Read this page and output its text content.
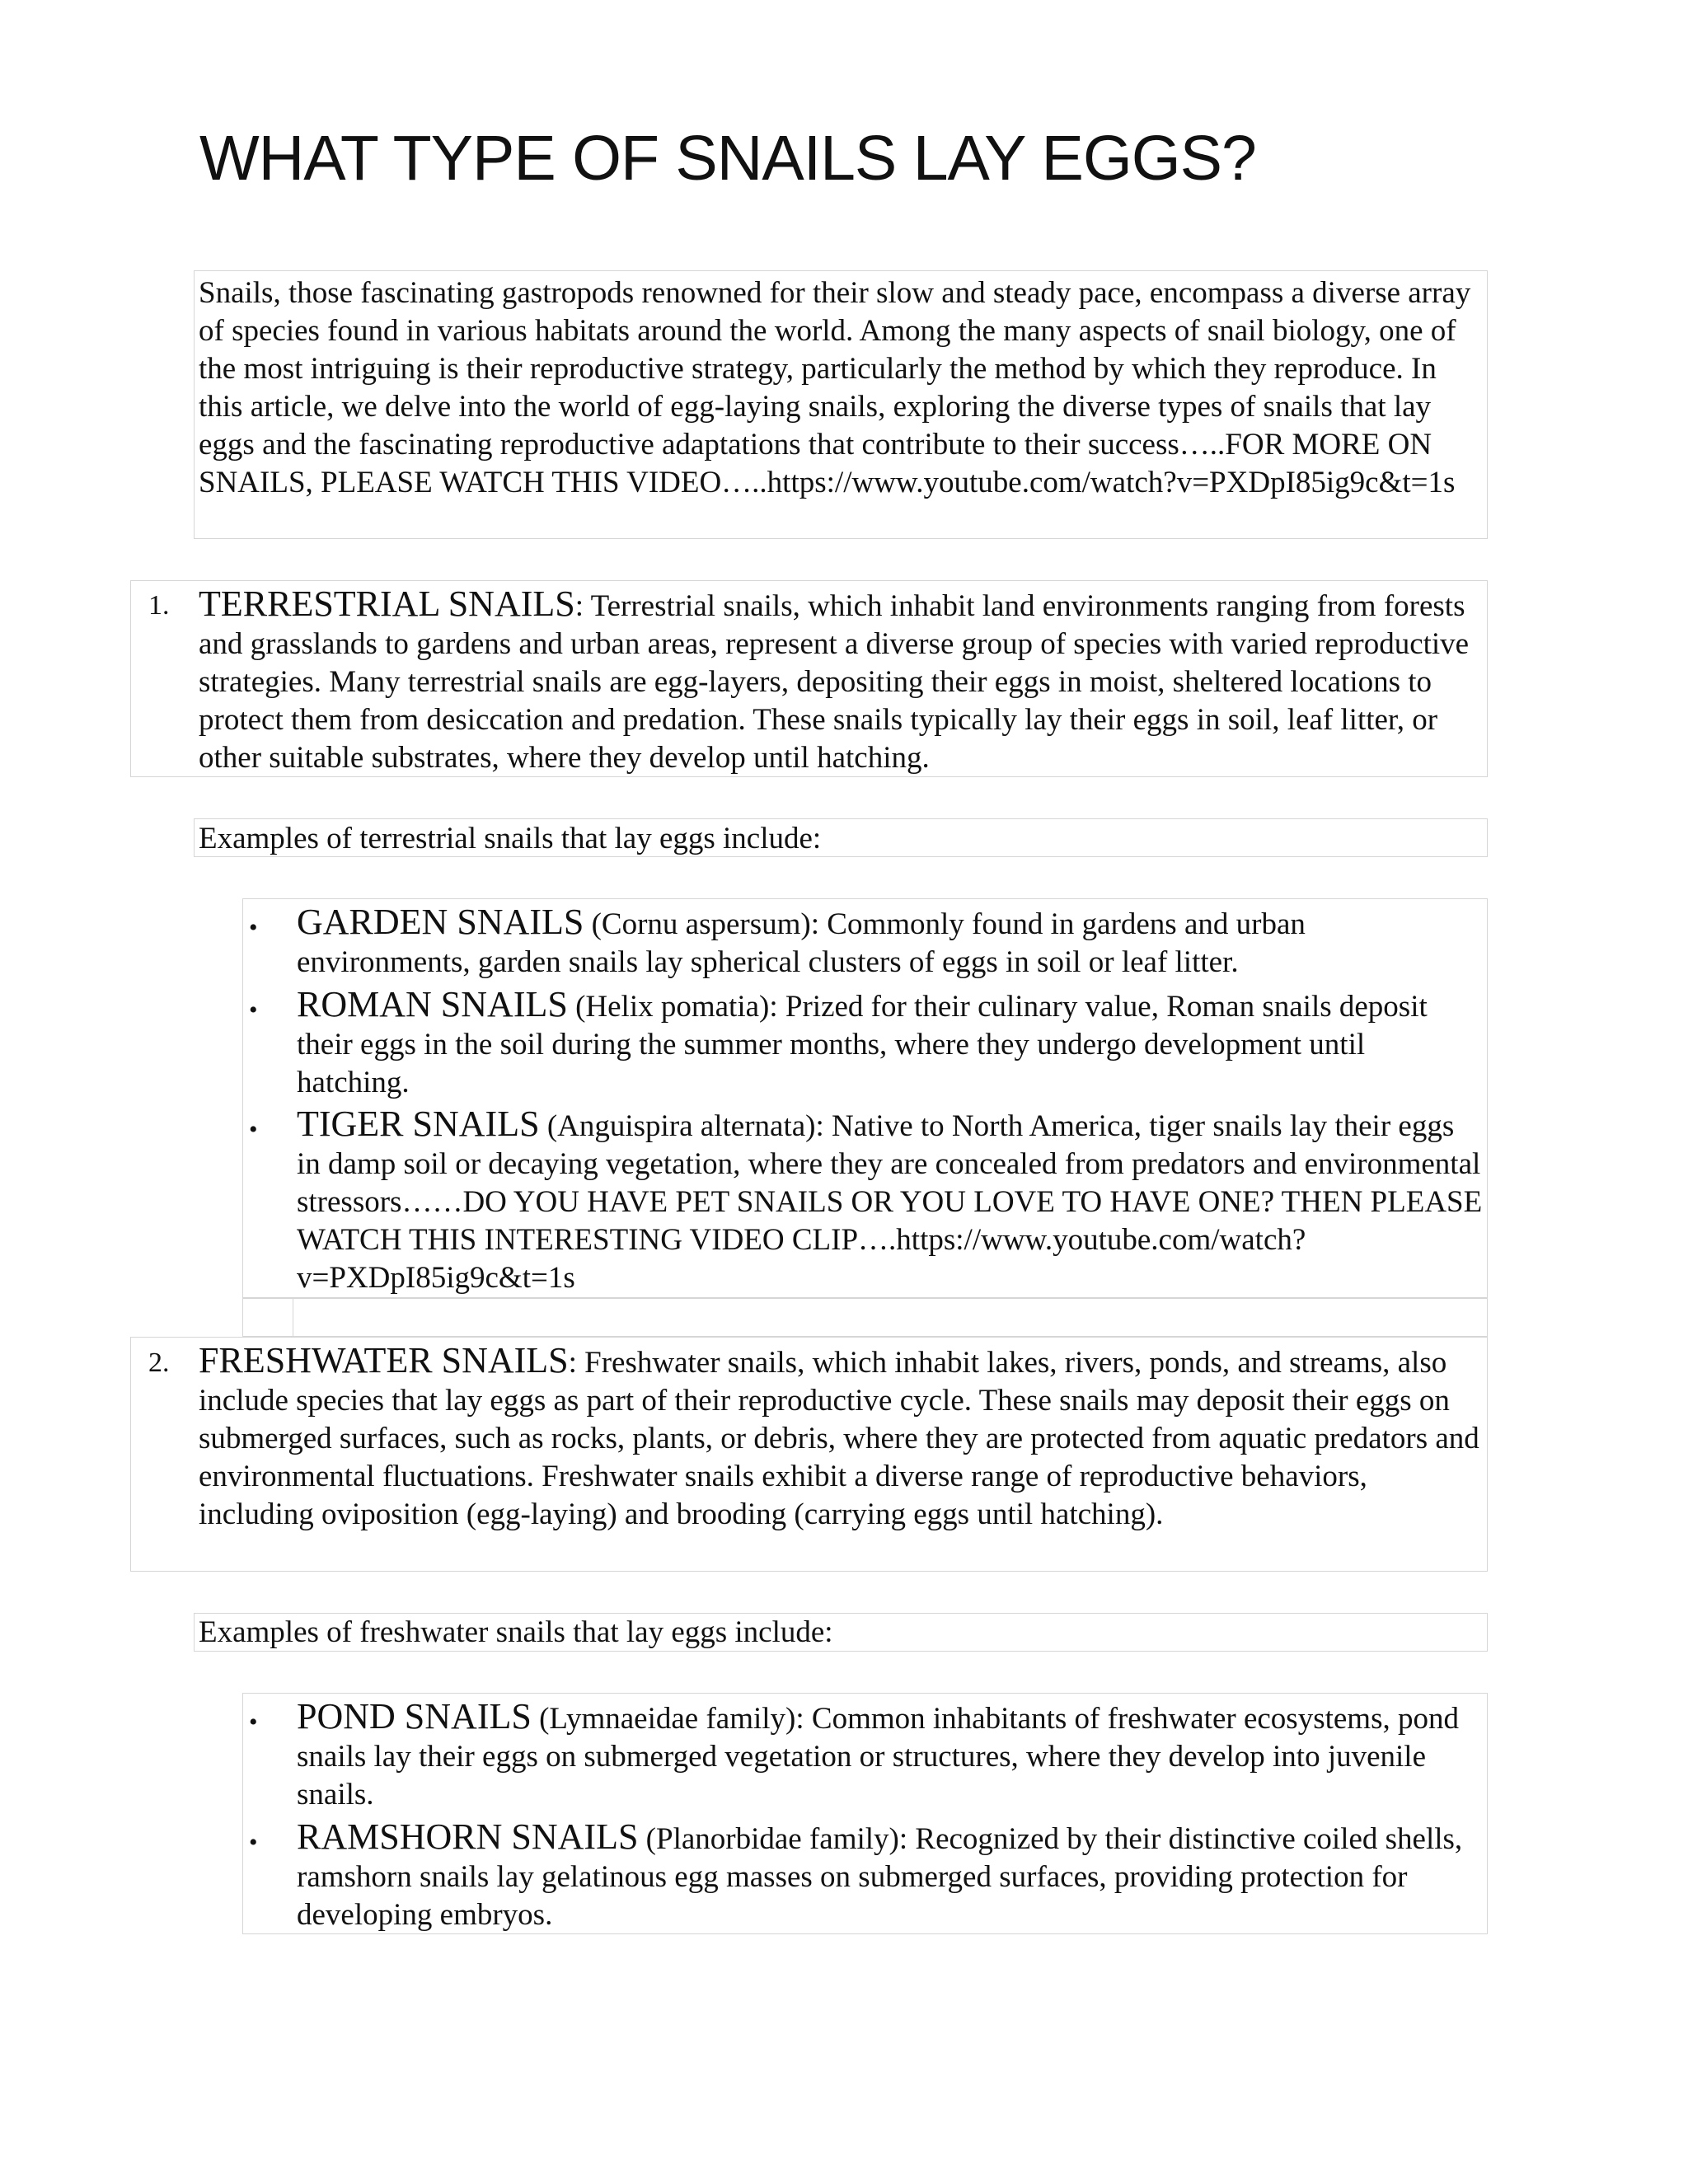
WHAT TYPE OF SNAILS LAY EGGS?

Snails, those fascinating gastropods renowned for their slow and steady pace, encompass a diverse array of species found in various habitats around the world. Among the many aspects of snail biology, one of the most intriguing is their reproductive strategy, particularly the method by which they reproduce. In this article, we delve into the world of egg-laying snails, exploring the diverse types of snails that lay eggs and the fascinating reproductive adaptations that contribute to their success…..FOR MORE ON SNAILS, PLEASE WATCH THIS VIDEO…..https://www.youtube.com/watch?v=PXDpI85ig9c&t=1s

1. TERRESTRIAL SNAILS: Terrestrial snails, which inhabit land environments ranging from forests and grasslands to gardens and urban areas, represent a diverse group of species with varied reproductive strategies. Many terrestrial snails are egg-layers, depositing their eggs in moist, sheltered locations to protect them from desiccation and predation. These snails typically lay their eggs in soil, leaf litter, or other suitable substrates, where they develop until hatching.

Examples of terrestrial snails that lay eggs include:

• GARDEN SNAILS (Cornu aspersum): Commonly found in gardens and urban environments, garden snails lay spherical clusters of eggs in soil or leaf litter.

• ROMAN SNAILS (Helix pomatia): Prized for their culinary value, Roman snails deposit their eggs in the soil during the summer months, where they undergo development until hatching.

• TIGER SNAILS (Anguispira alternata): Native to North America, tiger snails lay their eggs in damp soil or decaying vegetation, where they are concealed from predators and environmental stressors……DO YOU HAVE PET SNAILS OR YOU LOVE TO HAVE ONE? THEN PLEASE WATCH THIS INTERESTING VIDEO CLIP….https://www.youtube.com/watch?v=PXDpI85ig9c&t=1s

2. FRESHWATER SNAILS: Freshwater snails, which inhabit lakes, rivers, ponds, and streams, also include species that lay eggs as part of their reproductive cycle. These snails may deposit their eggs on submerged surfaces, such as rocks, plants, or debris, where they are protected from aquatic predators and environmental fluctuations. Freshwater snails exhibit a diverse range of reproductive behaviors, including oviposition (egg-laying) and brooding (carrying eggs until hatching).

Examples of freshwater snails that lay eggs include:

• POND SNAILS (Lymnaeidae family): Common inhabitants of freshwater ecosystems, pond snails lay their eggs on submerged vegetation or structures, where they develop into juvenile snails.

• RAMSHORN SNAILS (Planorbidae family): Recognized by their distinctive coiled shells, ramshorn snails lay gelatinous egg masses on submerged surfaces, providing protection for developing embryos.
